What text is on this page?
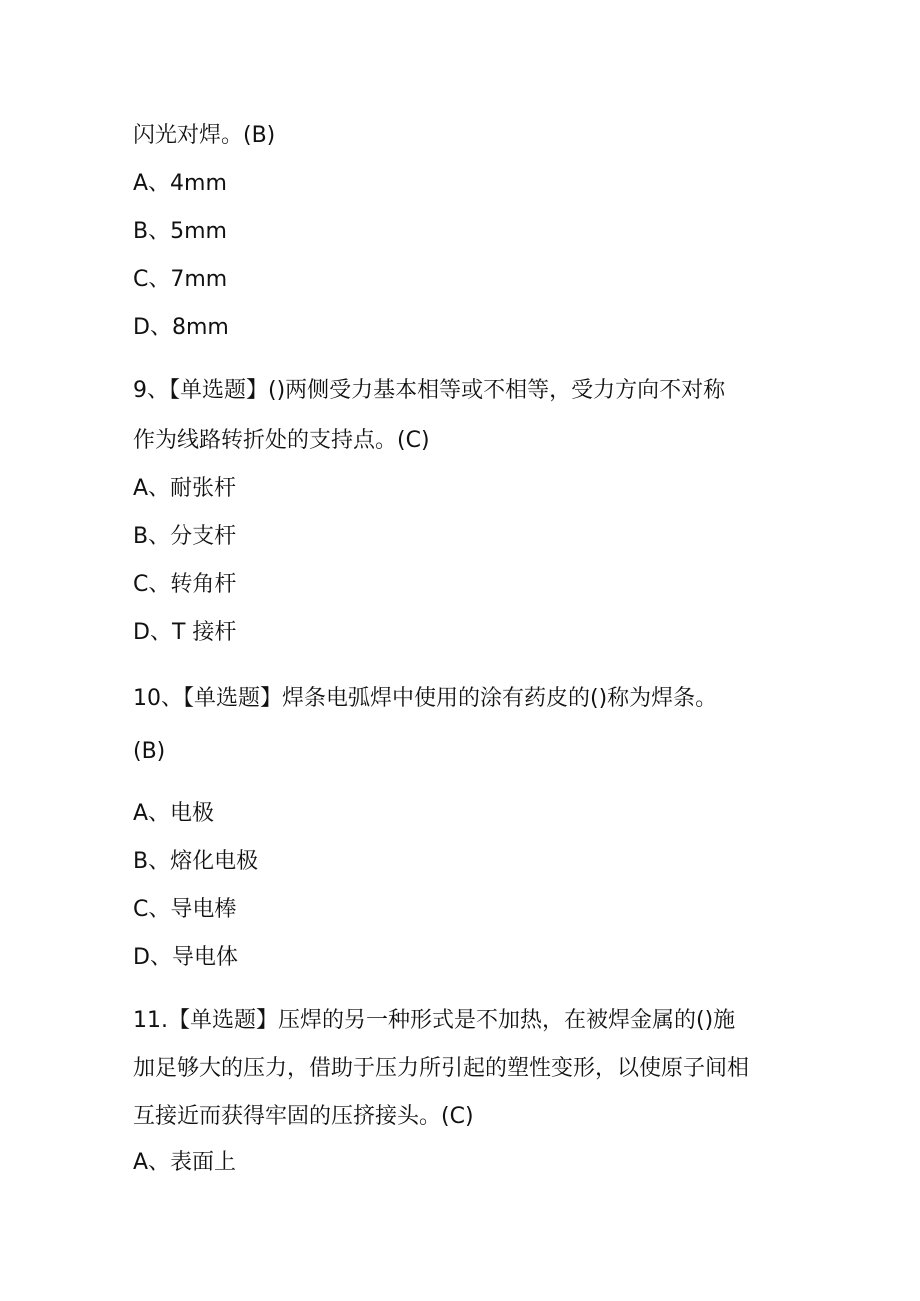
闪光对焊。(B)

A、4mm

B、5mm

C、7mm

D、8mm

9、【单选题】()两侧受力基本相等或不相等，受力方向不对称

作为线路转折处的支持点。(C)

A、耐张杆

B、分支杆

C、转角杆

D、T 接杆

10、【单选题】焊条电弧焊中使用的涂有药皮的()称为焊条。

(B)

A、电极

B、熔化电极

C、导电棒

D、导电体

11.【单选题】压焊的另一种形式是不加热，在被焊金属的()施

加足够大的压力，借助于压力所引起的塑性变形，以使原子间相

互接近而获得牢固的压挤接头。(C)

A、表面上
